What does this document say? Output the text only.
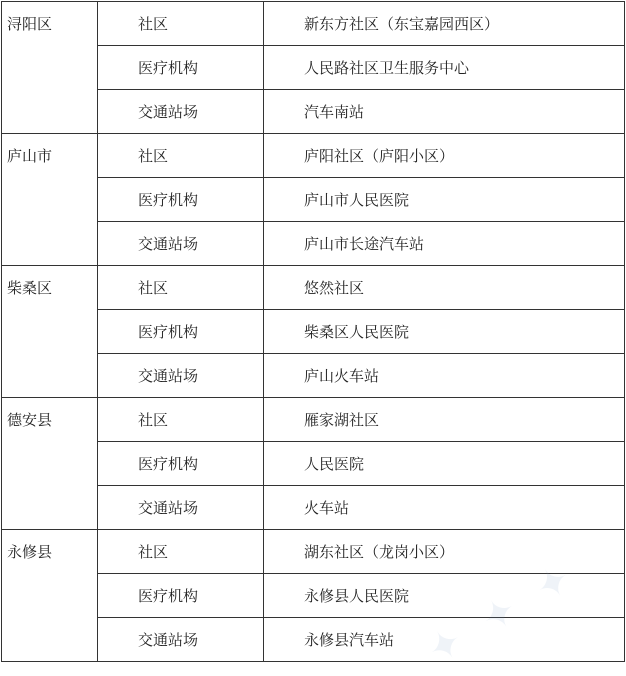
浔阳区	社区	新东方社区（东宝嘉园西区）
	医疗机构	人民路社区卫生服务中心
	交通站场	汽车南站
庐山市	社区	庐阳社区（庐阳小区）
	医疗机构	庐山市人民医院
	交通站场	庐山市长途汽车站
柴桑区	社区	悠然社区
	医疗机构	柴桑区人民医院
	交通站场	庐山火车站
德安县	社区	雁家湖社区
	医疗机构	人民医院
	交通站场	火车站
永修县	社区	湖东社区（龙岗小区）
	医疗机构	永修县人民医院
	交通站场	永修县汽车站 ✦ ✦ ✦
